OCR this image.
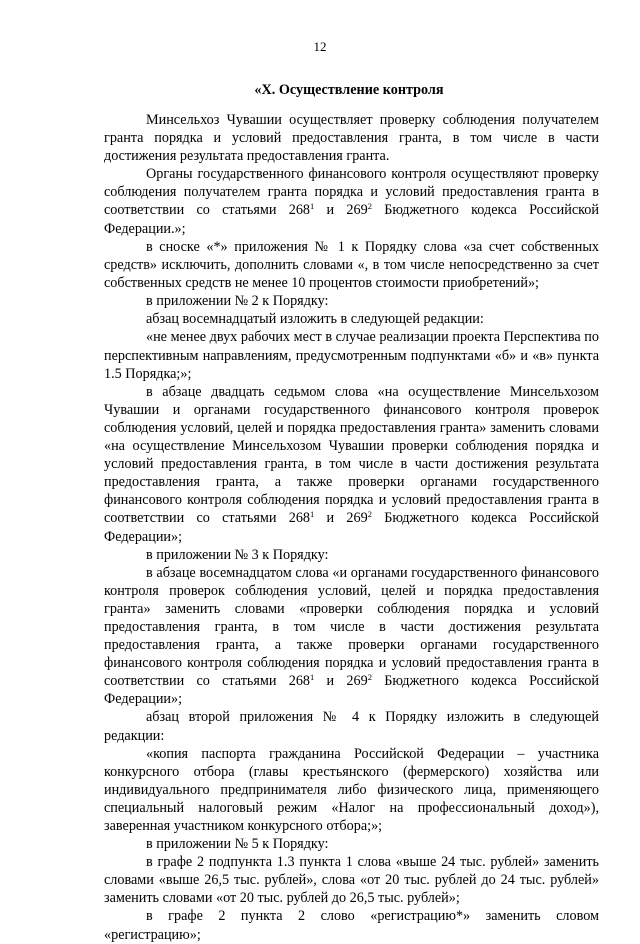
12
«X. Осуществление контроля

Минсельхоз Чувашии осуществляет проверку соблюдения получателем гранта порядка и условий предоставления гранта, в том числе в части достижения результата предоставления гранта.

Органы государственного финансового контроля осуществляют проверку соблюдения получателем гранта порядка и условий предоставления гранта в соответствии со статьями $268^1$ и $269^2$ Бюджетного кодекса Российской Федерации.»;

в сноске «*» приложения № 1 к Порядку слова «за счет собственных средств» исключить, дополнить словами «, в том числе непосредственно за счет собственных средств не менее 10 процентов стоимости приобретений»;

в приложении № 2 к Порядку:

абзац восемнадцатый изложить в следующей редакции:

«не менее двух рабочих мест в случае реализации проекта Перспектива по перспективным направлениям, предусмотренным подпунктами «б» и «в» пункта 1.5 Порядка;»;

в абзаце двадцать седьмом слова «на осуществление Минсельхозом Чувашии и органами государственного финансового контроля проверок соблюдения условий, целей и порядка предоставления гранта» заменить словами «на осуществление Минсельхозом Чувашии проверки соблюдения порядка и условий предоставления гранта, в том числе в части достижения результата предоставления гранта, а также проверки органами государственного финансового контроля соблюдения порядка и условий предоставления гранта в соответствии со статьями $268^1$ и $269^2$ Бюджетного кодекса Российской Федерации»;

в приложении № 3 к Порядку:

в абзаце восемнадцатом слова «и органами государственного финансового контроля проверок соблюдения условий, целей и порядка предоставления гранта» заменить словами «проверки соблюдения порядка и условий предоставления гранта, в том числе в части достижения результата предоставления гранта, а также проверки органами государственного финансового контроля соблюдения порядка и условий предоставления гранта в соответствии со статьями $268^1$ и $269^2$ Бюджетного кодекса Российской Федерации»;

абзац второй приложения № 4 к Порядку изложить в следующей редакции:

«копия паспорта гражданина Российской Федерации – участника конкурсного отбора (главы крестьянского (фермерского) хозяйства или индивидуального предпринимателя либо физического лица, применяющего специальный налоговый режим «Налог на профессиональный доход»), заверенная участником конкурсного отбора;»;

в приложении № 5 к Порядку:

в графе 2 подпункта 1.3 пункта 1 слова «выше 24 тыс. рублей» заменить словами «выше 26,5 тыс. рублей», слова «от 20 тыс. рублей до 24 тыс. рублей» заменить словами «от 20 тыс. рублей до 26,5 тыс. рублей»;

в графе 2 пункта 2 слово «регистрацию*» заменить словом «регистрацию»;
